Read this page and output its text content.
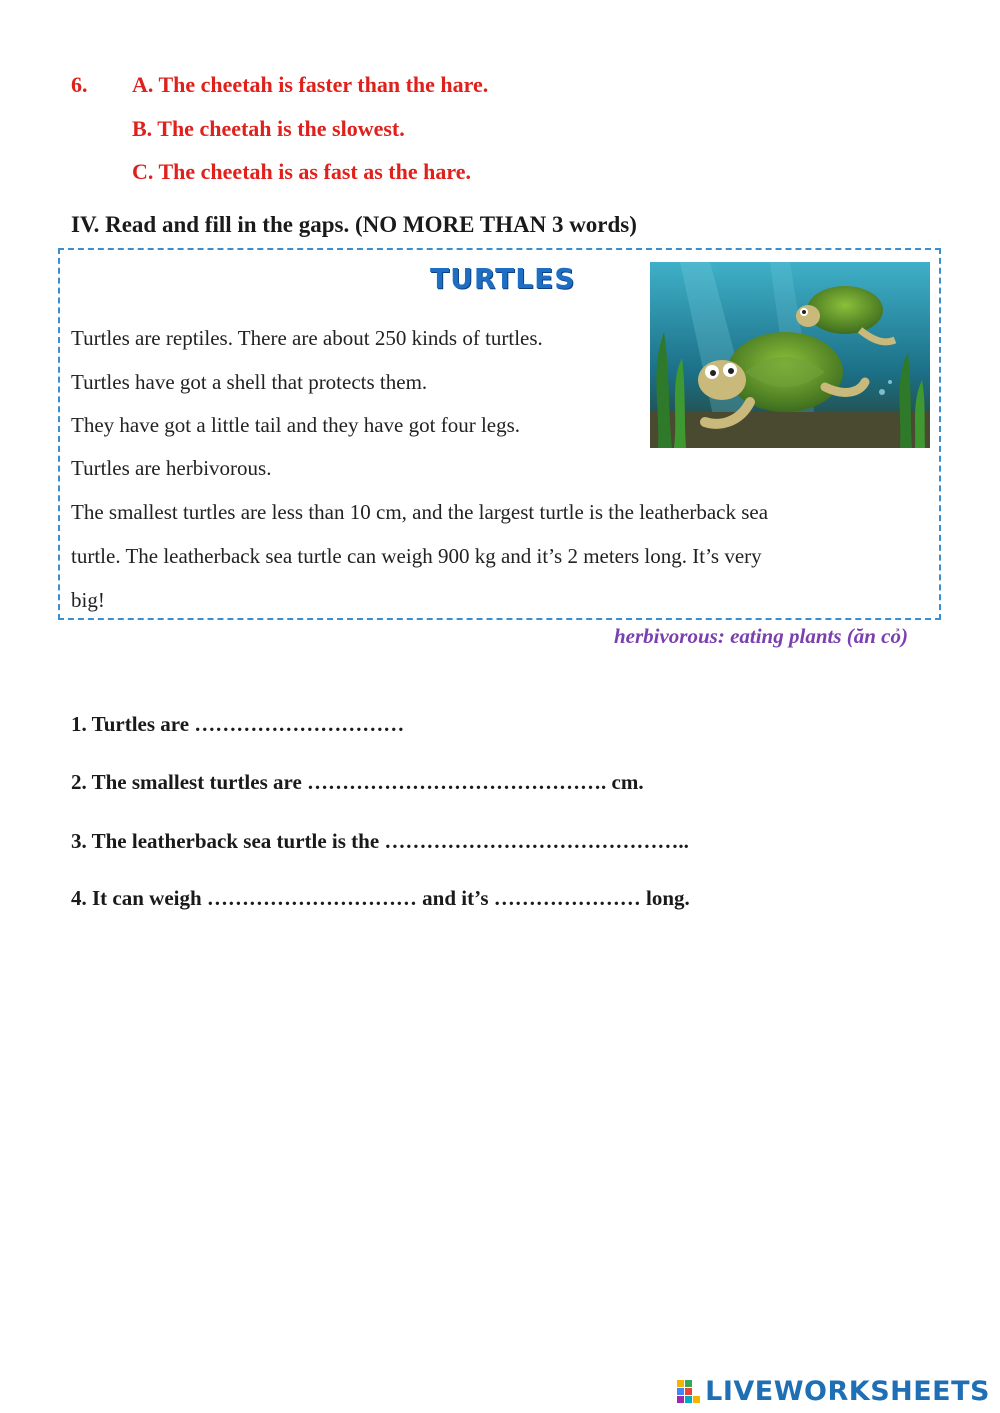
6. A. The cheetah is faster than the hare.
B. The cheetah is the slowest.
C. The cheetah is as fast as the hare.
IV. Read and fill in the gaps. (NO MORE THAN 3 words)
TURTLES
Turtles are reptiles. There are about 250 kinds of turtles.
Turtles have got a shell that protects them.
They have got a little tail and they have got four legs.
Turtles are herbivorous.
The smallest turtles are less than 10 cm, and the largest turtle is the leatherback sea
turtle. The leatherback sea turtle can weigh 900 kg and it’s 2 meters long. It’s very
big!
herbivorous: eating plants (ăn cỏ)
1. Turtles are …………………………
2. The smallest turtles are ……………………………………. cm.
3. The leatherback sea turtle is the ……………………………………..
4. It can weigh ………………………… and it’s ………………… long.
LIVEWORKSHEETS
